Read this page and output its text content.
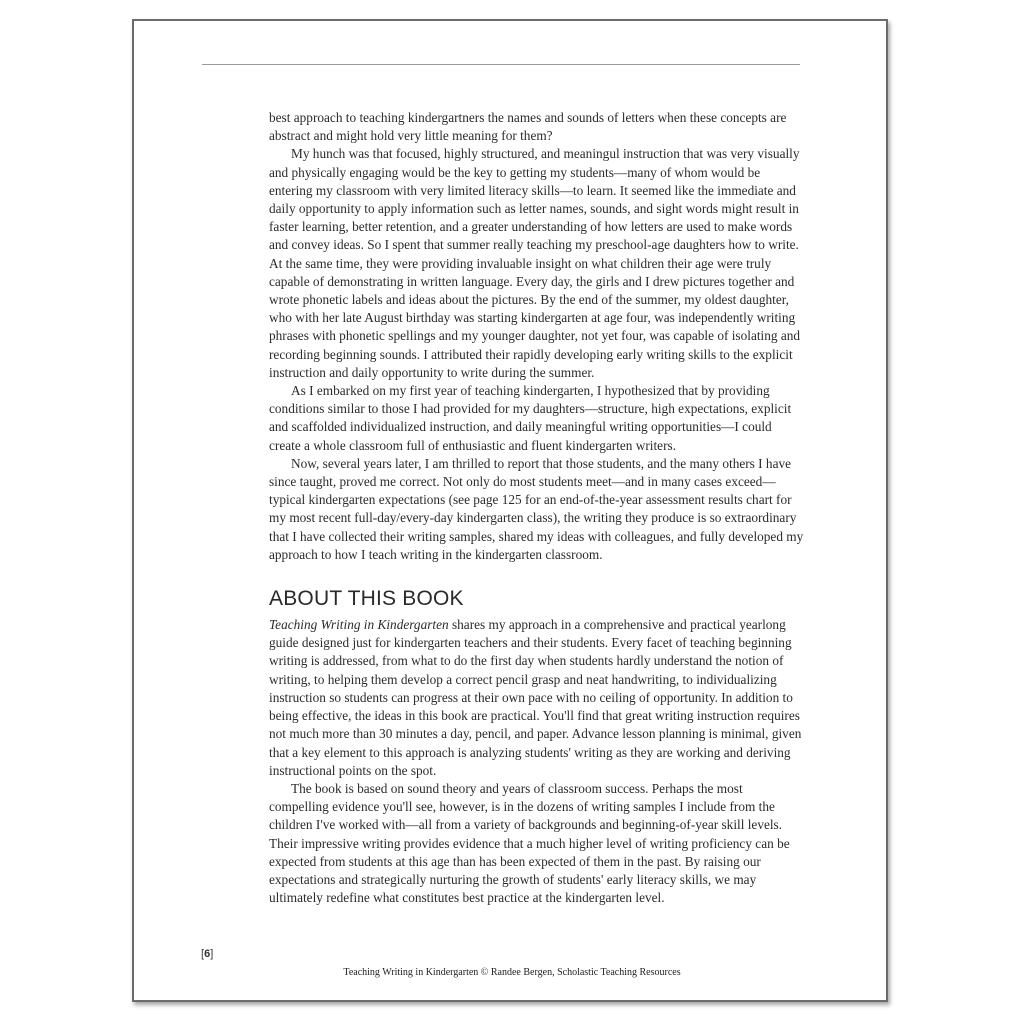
best approach to teaching kindergartners the names and sounds of letters when these concepts are abstract and might hold very little meaning for them?

My hunch was that focused, highly structured, and meaningul instruction that was very visually and physically engaging would be the key to getting my students—many of whom would be entering my classroom with very limited literacy skills—to learn. It seemed like the immediate and daily opportunity to apply information such as letter names, sounds, and sight words might result in faster learning, better retention, and a greater understanding of how letters are used to make words and convey ideas. So I spent that summer really teaching my preschool-age daughters how to write. At the same time, they were providing invaluable insight on what children their age were truly capable of demonstrating in written language. Every day, the girls and I drew pictures together and wrote phonetic labels and ideas about the pictures. By the end of the summer, my oldest daughter, who with her late August birthday was starting kindergarten at age four, was independently writing phrases with phonetic spellings and my younger daughter, not yet four, was capable of isolating and recording beginning sounds. I attributed their rapidly developing early writing skills to the explicit instruction and daily opportunity to write during the summer.

As I embarked on my first year of teaching kindergarten, I hypothesized that by providing conditions similar to those I had provided for my daughters—structure, high expectations, explicit and scaffolded individualized instruction, and daily meaningful writing opportunities—I could create a whole classroom full of enthusiastic and fluent kindergarten writers.

Now, several years later, I am thrilled to report that those students, and the many others I have since taught, proved me correct. Not only do most students meet—and in many cases exceed—typical kindergarten expectations (see page 125 for an end-of-the-year assessment results chart for my most recent full-day/every-day kindergarten class), the writing they produce is so extraordinary that I have collected their writing samples, shared my ideas with colleagues, and fully developed my approach to how I teach writing in the kindergarten classroom.

ABOUT THIS BOOK

Teaching Writing in Kindergarten shares my approach in a comprehensive and practical yearlong guide designed just for kindergarten teachers and their students. Every facet of teaching beginning writing is addressed, from what to do the first day when students hardly understand the notion of writing, to helping them develop a correct pencil grasp and neat handwriting, to individualizing instruction so students can progress at their own pace with no ceiling of opportunity. In addition to being effective, the ideas in this book are practical. You'll find that great writing instruction requires not much more than 30 minutes a day, pencil, and paper. Advance lesson planning is minimal, given that a key element to this approach is analyzing students' writing as they are working and deriving instructional points on the spot.

The book is based on sound theory and years of classroom success. Perhaps the most compelling evidence you'll see, however, is in the dozens of writing samples I include from the children I've worked with—all from a variety of backgrounds and beginning-of-year skill levels. Their impressive writing provides evidence that a much higher level of writing proficiency can be expected from students at this age than has been expected of them in the past. By raising our expectations and strategically nurturing the growth of students' early literacy skills, we may ultimately redefine what constitutes best practice at the kindergarten level.

[6]
Teaching Writing in Kindergarten © Randee Bergen, Scholastic Teaching Resources
